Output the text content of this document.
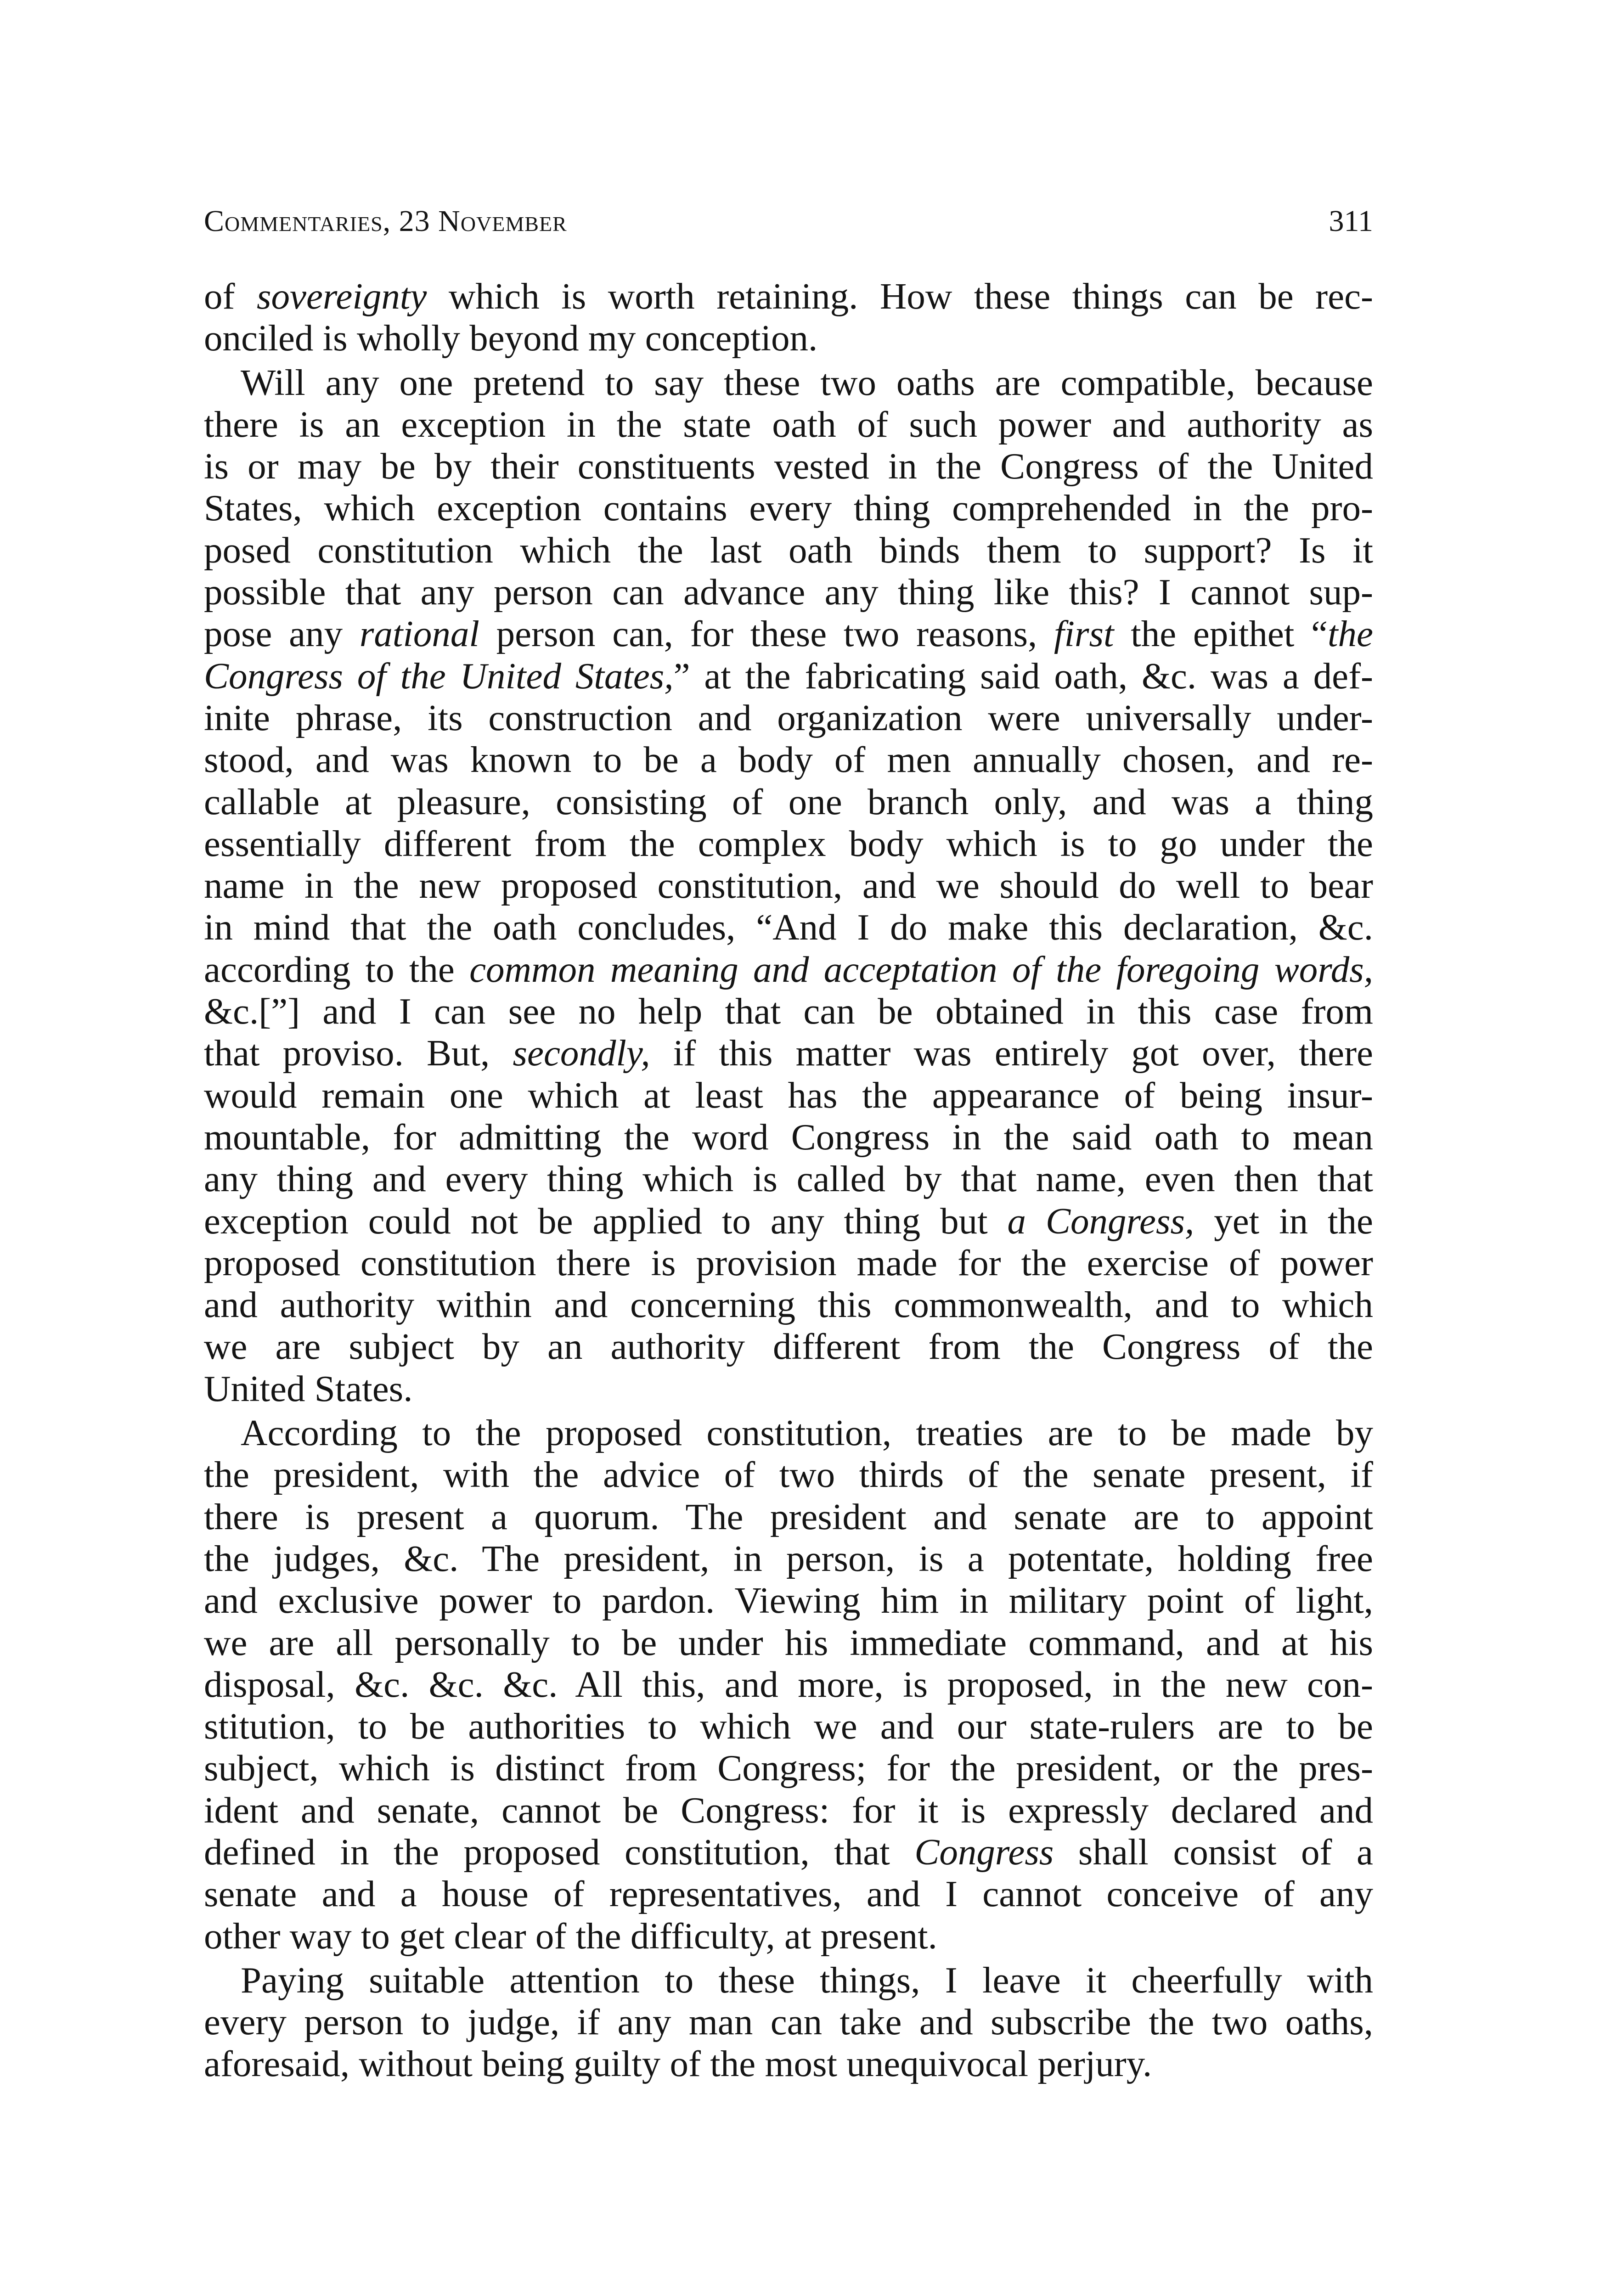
Commentaries, 23 November	311
of sovereignty which is worth retaining. How these things can be rec-
onciled is wholly beyond my conception.
Will any one pretend to say these two oaths are compatible, because
there is an exception in the state oath of such power and authority as
is or may be by their constituents vested in the Congress of the United
States, which exception contains every thing comprehended in the pro-
posed constitution which the last oath binds them to support? Is it
possible that any person can advance any thing like this? I cannot sup-
pose any rational person can, for these two reasons, first the epithet “the
Congress of the United States,” at the fabricating said oath, &c. was a def-
inite phrase, its construction and organization were universally under-
stood, and was known to be a body of men annually chosen, and re-
callable at pleasure, consisting of one branch only, and was a thing
essentially different from the complex body which is to go under the
name in the new proposed constitution, and we should do well to bear
in mind that the oath concludes, “And I do make this declaration, &c.
according to the common meaning and acceptation of the foregoing words,
&c.[”] and I can see no help that can be obtained in this case from
that proviso. But, secondly, if this matter was entirely got over, there
would remain one which at least has the appearance of being insur-
mountable, for admitting the word Congress in the said oath to mean
any thing and every thing which is called by that name, even then that
exception could not be applied to any thing but a Congress, yet in the
proposed constitution there is provision made for the exercise of power
and authority within and concerning this commonwealth, and to which
we are subject by an authority different from the Congress of the
United States.
According to the proposed constitution, treaties are to be made by
the president, with the advice of two thirds of the senate present, if
there is present a quorum. The president and senate are to appoint
the judges, &c. The president, in person, is a potentate, holding free
and exclusive power to pardon. Viewing him in military point of light,
we are all personally to be under his immediate command, and at his
disposal, &c. &c. &c. All this, and more, is proposed, in the new con-
stitution, to be authorities to which we and our state-rulers are to be
subject, which is distinct from Congress; for the president, or the pres-
ident and senate, cannot be Congress: for it is expressly declared and
defined in the proposed constitution, that Congress shall consist of a
senate and a house of representatives, and I cannot conceive of any
other way to get clear of the difficulty, at present.
Paying suitable attention to these things, I leave it cheerfully with
every person to judge, if any man can take and subscribe the two oaths,
aforesaid, without being guilty of the most unequivocal perjury.
